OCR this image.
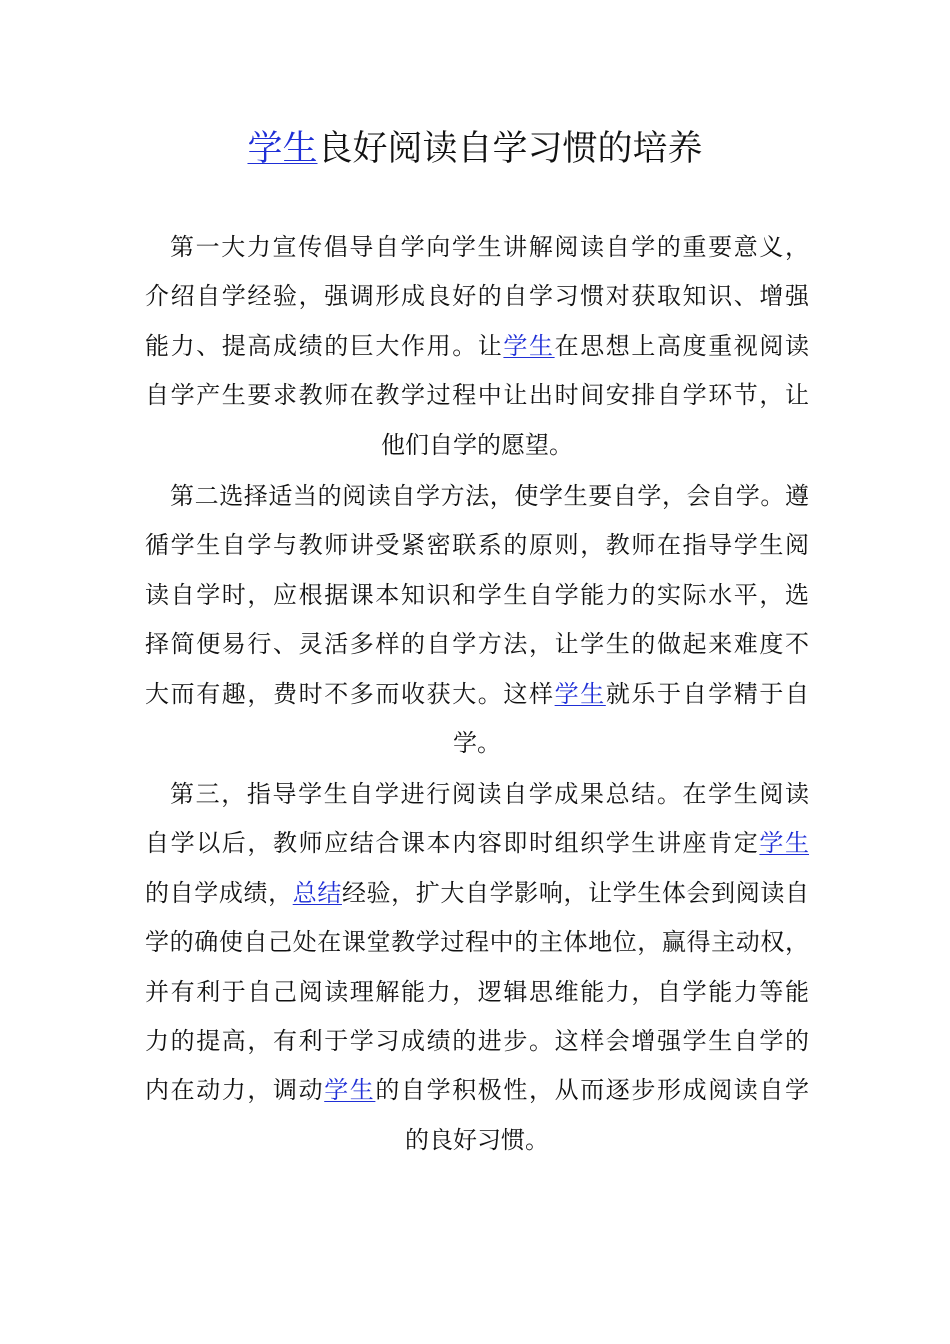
学生良好阅读自学习惯的培养
第一大力宣传倡导自学向学生讲解阅读自学的重要意义，
介绍自学经验，强调形成良好的自学习惯对获取知识、增强
能力、提高成绩的巨大作用。让学生在思想上高度重视阅读
自学产生要求教师在教学过程中让出时间安排自学环节，让
他们自学的愿望。
第二选择适当的阅读自学方法，使学生要自学，会自学。遵
循学生自学与教师讲受紧密联系的原则，教师在指导学生阅
读自学时，应根据课本知识和学生自学能力的实际水平，选
择简便易行、灵活多样的自学方法，让学生的做起来难度不
大而有趣，费时不多而收获大。这样学生就乐于自学精于自
学。
第三，指导学生自学进行阅读自学成果总结。在学生阅读
自学以后，教师应结合课本内容即时组织学生讲座肯定学生
的自学成绩，总结经验，扩大自学影响，让学生体会到阅读自
学的确使自己处在课堂教学过程中的主体地位，赢得主动权，
并有利于自己阅读理解能力，逻辑思维能力，自学能力等能
力的提高，有利于学习成绩的进步。这样会增强学生自学的
内在动力，调动学生的自学积极性，从而逐步形成阅读自学
的良好习惯。
